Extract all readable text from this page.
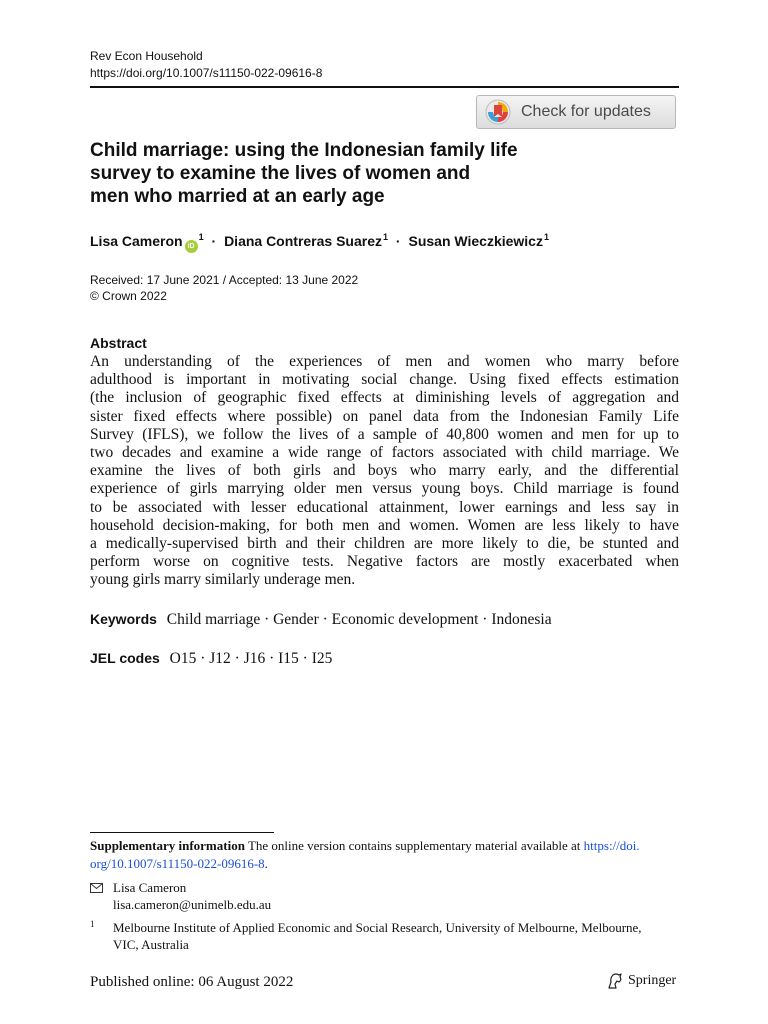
Rev Econ Household
https://doi.org/10.1007/s11150-022-09616-8
Check for updates
Child marriage: using the Indonesian family life
survey to examine the lives of women and
men who married at an early age
Lisa Cameron $iD^1$ · Diana Contreras Suarez$^1$ · Susan Wieczkiewicz$^1$
Received: 17 June 2021 / Accepted: 13 June 2022
© Crown 2022
Abstract
An understanding of the experiences of men and women who marry before
adulthood is important in motivating social change. Using fixed effects estimation
(the inclusion of geographic fixed effects at diminishing levels of aggregation and
sister fixed effects where possible) on panel data from the Indonesian Family Life
Survey (IFLS), we follow the lives of a sample of 40,800 women and men for up to
two decades and examine a wide range of factors associated with child marriage. We
examine the lives of both girls and boys who marry early, and the differential
experience of girls marrying older men versus young boys. Child marriage is found
to be associated with lesser educational attainment, lower earnings and less say in
household decision-making, for both men and women. Women are less likely to have
a medically-supervised birth and their children are more likely to die, be stunted and
perform worse on cognitive tests. Negative factors are mostly exacerbated when
young girls marry similarly underage men.
Keywords Child marriage · Gender · Economic development · Indonesia
JEL codes O15 · J12 · J16 · I15 · I25
Supplementary information The online version contains supplementary material available at https://doi.
org/10.1007/s11150-022-09616-8.
Lisa Cameron
lisa.cameron@unimelb.edu.au
1 Melbourne Institute of Applied Economic and Social Research, University of Melbourne, Melbourne,
VIC, Australia
Published online: 06 August 2022	Springer
